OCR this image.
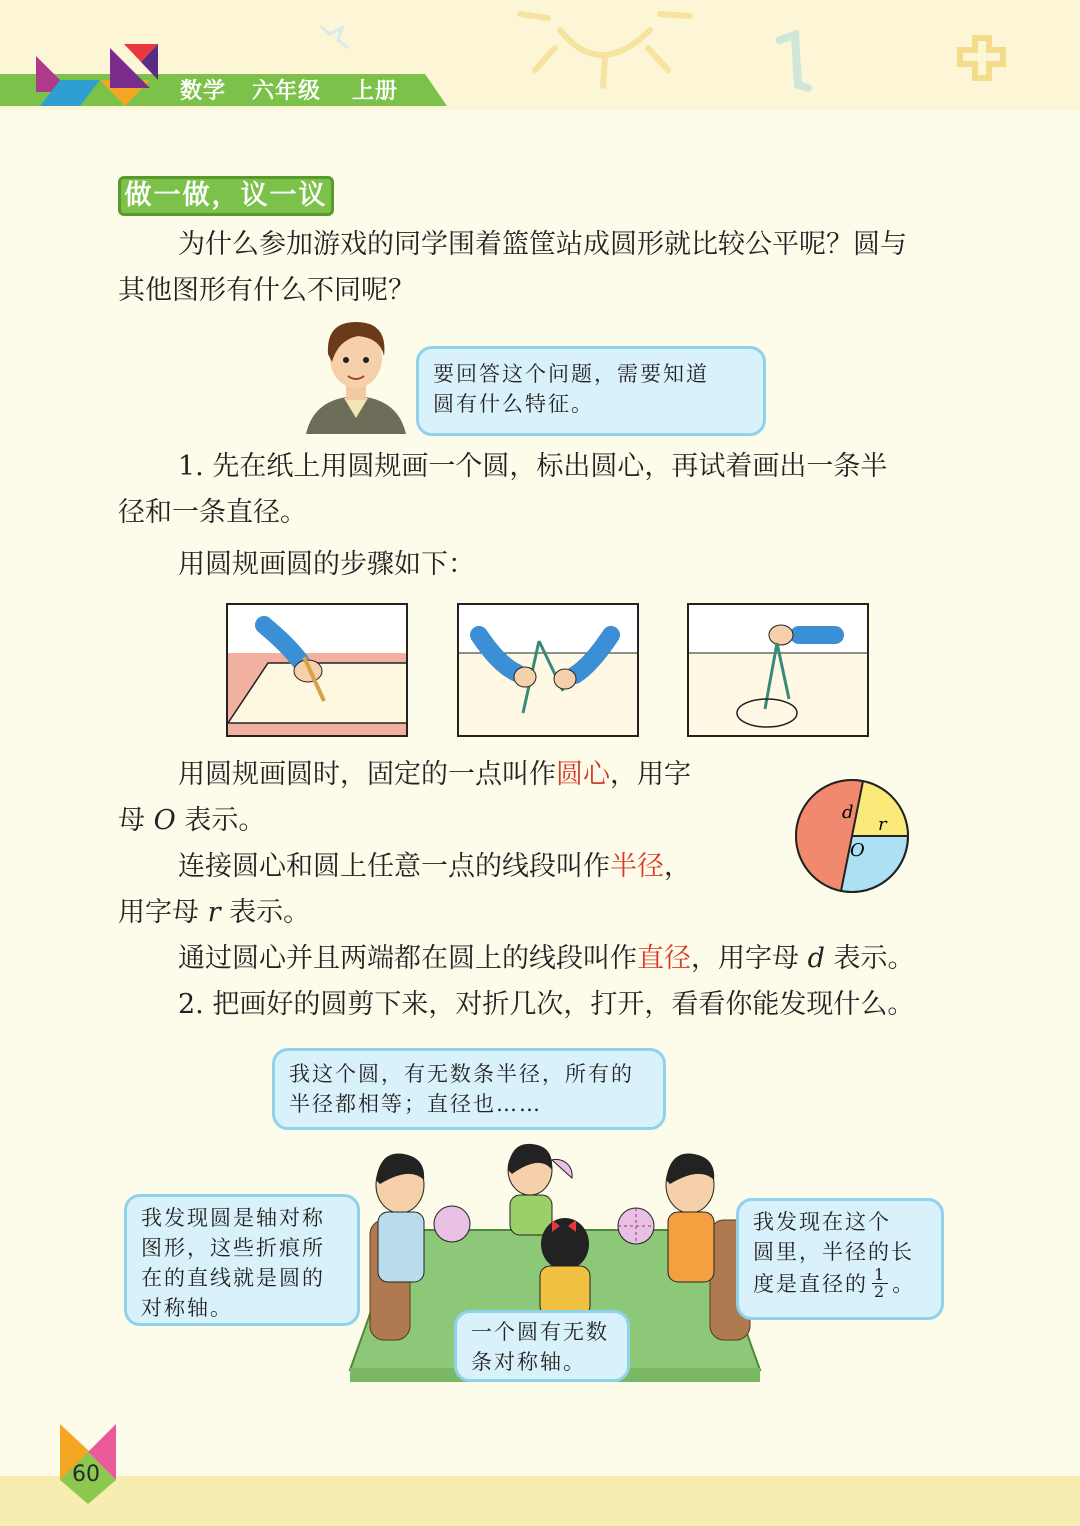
数学 六年级 上册
做一做，议一议
为什么参加游戏的同学围着篮筐站成圆形就比较公平呢？圆与
其他图形有什么不同呢？
要回答这个问题，需要知道
圆有什么特征。
1. 先在纸上用圆规画一个圆，标出圆心，再试着画出一条半
径和一条直径。
用圆规画圆的步骤如下：
用圆规画圆时，固定的一点叫作圆心，用字
母 O 表示。
连接圆心和圆上任意一点的线段叫作半径，
用字母 r 表示。
通过圆心并且两端都在圆上的线段叫作直径，用字母 d 表示。
d
r
O
2. 把画好的圆剪下来，对折几次，打开，看看你能发现什么。
我这个圆，有无数条半径，所有的
半径都相等；直径也……
我发现圆是轴对称
图形，这些折痕所
在的直线就是圆的
对称轴。
我发现在这个
圆里，半径的长
度是直径的 $\frac{1}{2}$ 。
一个圆有无数
条对称轴。
60
